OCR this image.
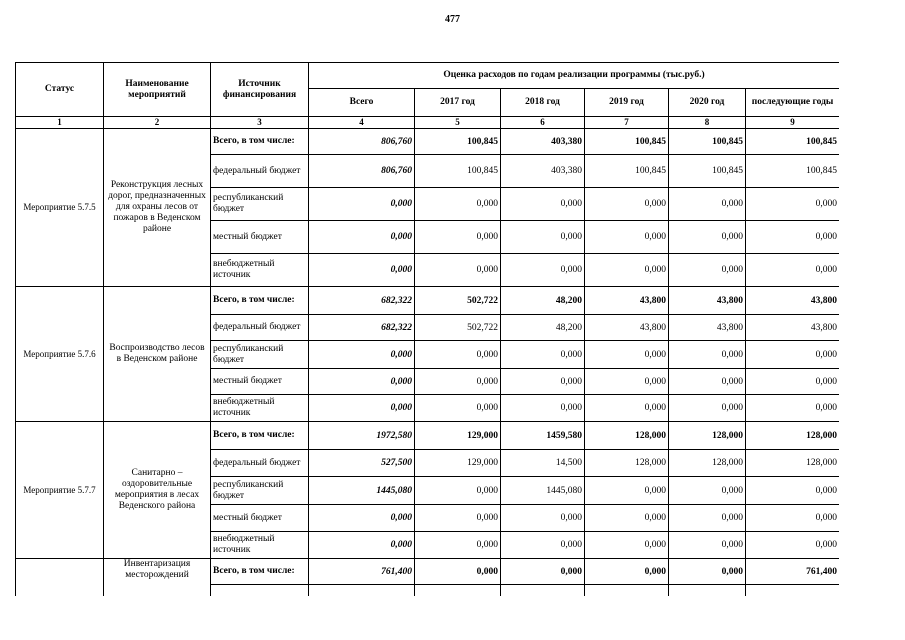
477
Статус	Наименование мероприятий	Источник финансирования	Оценка расходов по годам реализации программы (тыс.руб.)					
			Всего	2017 год	2018 год	2019 год	2020 год	последующие годы
1	2	3	4	5	6	7	8	9
Мероприятие 5.7.5	Реконструкция лесных дорог, предназначенных для охраны лесов от пожаров в Веденском районе	Всего, в том числе:	806,760	100,845	403,380	100,845	100,845	100,845
		федеральный бюджет	806,760	100,845	403,380	100,845	100,845	100,845
		республиканский бюджет	0,000	0,000	0,000	0,000	0,000	0,000
		местный бюджет	0,000	0,000	0,000	0,000	0,000	0,000
		внебюджетный источник	0,000	0,000	0,000	0,000	0,000	0,000
Мероприятие 5.7.6	Воспроизводство лесов в Веденском районе	Всего, в том числе:	682,322	502,722	48,200	43,800	43,800	43,800
		федеральный бюджет	682,322	502,722	48,200	43,800	43,800	43,800
		республиканский бюджет	0,000	0,000	0,000	0,000	0,000	0,000
		местный бюджет	0,000	0,000	0,000	0,000	0,000	0,000
		внебюджетный источник	0,000	0,000	0,000	0,000	0,000	0,000
Мероприятие 5.7.7	Санитарно – оздоровительные мероприятия в лесах Веденского района	Всего, в том числе:	1972,580	129,000	1459,580	128,000	128,000	128,000
		федеральный бюджет	527,500	129,000	14,500	128,000	128,000	128,000
		республиканский бюджет	1445,080	0,000	1445,080	0,000	0,000	0,000
		местный бюджет	0,000	0,000	0,000	0,000	0,000	0,000
		внебюджетный источник	0,000	0,000	0,000	0,000	0,000	0,000
	Инвентаризация месторождений	Всего, в том числе:	761,400	0,000	0,000	0,000	0,000	761,400
